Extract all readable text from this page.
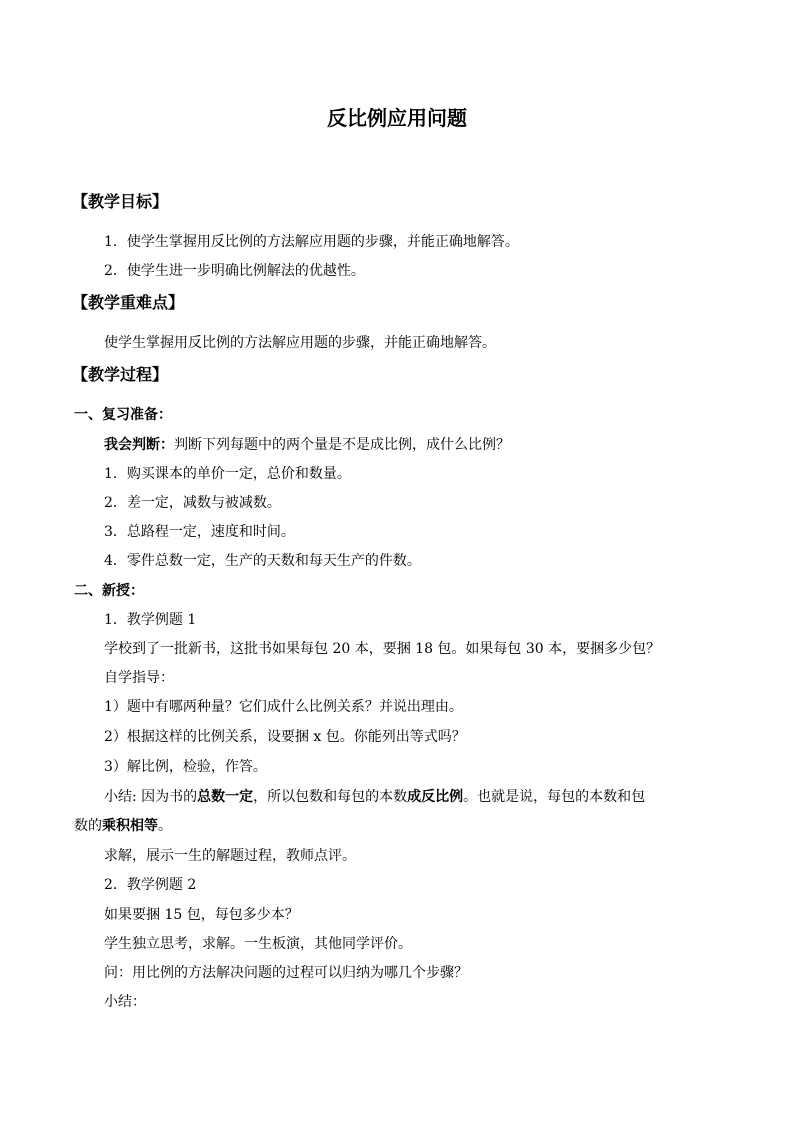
反比例应用问题
【教学目标】
1．使学生掌握用反比例的方法解应用题的步骤，并能正确地解答。
2．使学生进一步明确比例解法的优越性。
【教学重难点】
使学生掌握用反比例的方法解应用题的步骤，并能正确地解答。
【教学过程】
一、复习准备：
我会判断：判断下列每题中的两个量是不是成比例，成什么比例？
1．购买课本的单价一定，总价和数量。
2．差一定，减数与被减数。
3．总路程一定，速度和时间。
4．零件总数一定，生产的天数和每天生产的件数。
二、新授：
1．教学例题 1
学校到了一批新书，这批书如果每包 20 本，要捆 18 包。如果每包 30 本，要捆多少包？
自学指导：
1）题中有哪两种量？它们成什么比例关系？并说出理由。
2）根据这样的比例关系，设要捆 x 包。你能列出等式吗？
3）解比例，检验，作答。
小结: 因为书的总数一定，所以包数和每包的本数成反比例。也就是说，每包的本数和包
数的乘积相等。
求解，展示一生的解题过程，教师点评。
2．教学例题 2
如果要捆 15 包，每包多少本？
学生独立思考，求解。一生板演，其他同学评价。
问：用比例的方法解决问题的过程可以归纳为哪几个步骤？
小结：
